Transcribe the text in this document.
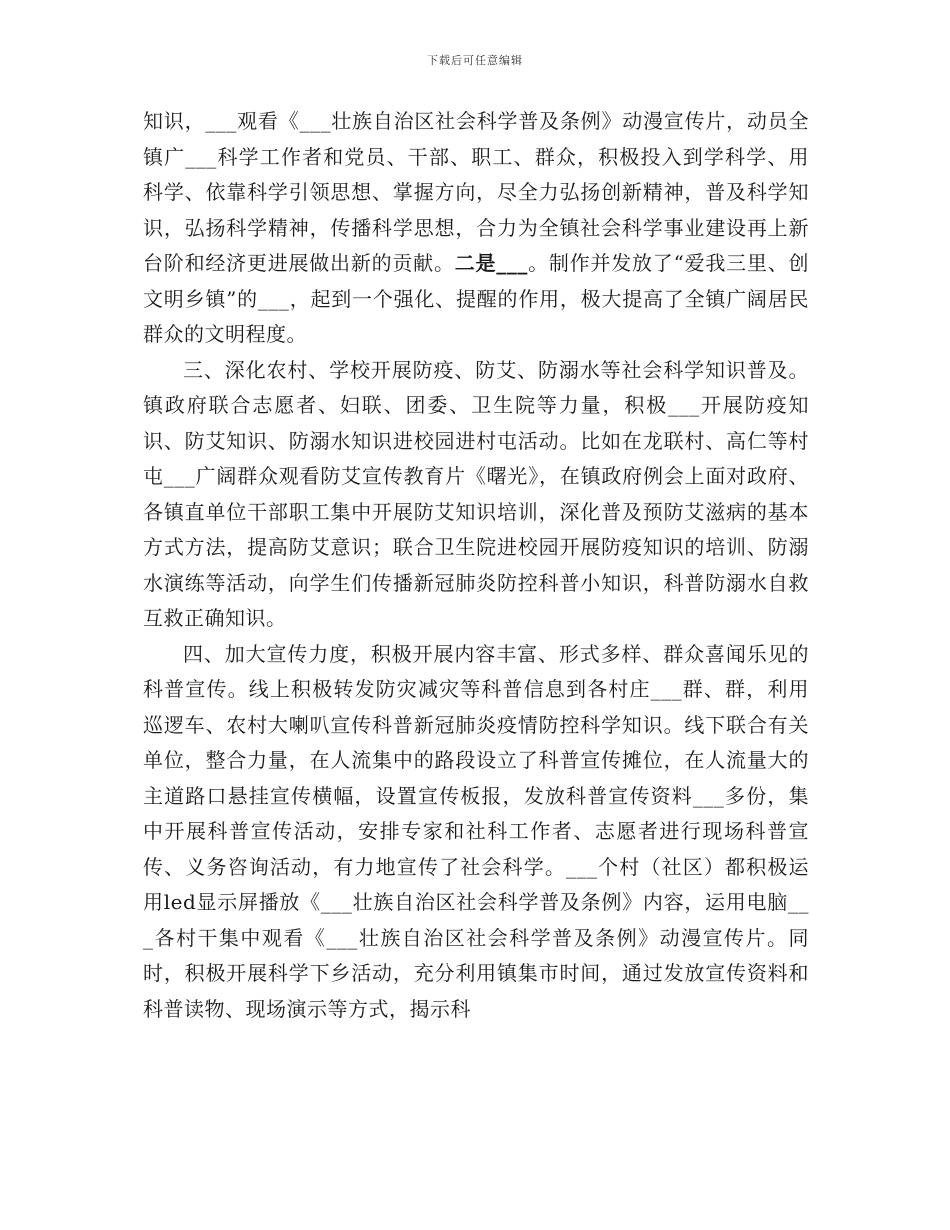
下载后可任意编辑

知识，___观看《___壮族自治区社会科学普及条例》动漫宣传片，动员全镇广___科学工作者和党员、干部、职工、群众，积极投入到学科学、用科学、依靠科学引领思想、掌握方向，尽全力弘扬创新精神，普及科学知识，弘扬科学精神，传播科学思想，合力为全镇社会科学事业建设再上新台阶和经济更进展做出新的贡献。二是___。制作并发放了“爱我三里、创文明乡镇”的___，起到一个强化、提醒的作用，极大提高了全镇广阔居民群众的文明程度。

三、深化农村、学校开展防疫、防艾、防溺水等社会科学知识普及。镇政府联合志愿者、妇联、团委、卫生院等力量，积极___开展防疫知识、防艾知识、防溺水知识进校园进村屯活动。比如在龙联村、高仁等村屯___广阔群众观看防艾宣传教育片《曙光》，在镇政府例会上面对政府、各镇直单位干部职工集中开展防艾知识培训，深化普及预防艾滋病的基本方式方法，提高防艾意识；联合卫生院进校园开展防疫知识的培训、防溺水演练等活动，向学生们传播新冠肺炎防控科普小知识，科普防溺水自救互救正确知识。

四、加大宣传力度，积极开展内容丰富、形式多样、群众喜闻乐见的科普宣传。线上积极转发防灾减灾等科普信息到各村庄___群、群，利用巡逻车、农村大喇叭宣传科普新冠肺炎疫情防控科学知识。线下联合有关单位，整合力量，在人流集中的路段设立了科普宣传摊位，在人流量大的主道路口悬挂宣传横幅，设置宣传板报，发放科普宣传资料___多份，集中开展科普宣传活动，安排专家和社科工作者、志愿者进行现场科普宣传、义务咨询活动，有力地宣传了社会科学。___个村（社区）都积极运用led显示屏播放《___壮族自治区社会科学普及条例》内容，运用电脑___各村干集中观看《___壮族自治区社会科学普及条例》动漫宣传片。同时，积极开展科学下乡活动，充分利用镇集市时间，通过发放宣传资料和科普读物、现场演示等方式，揭示科
